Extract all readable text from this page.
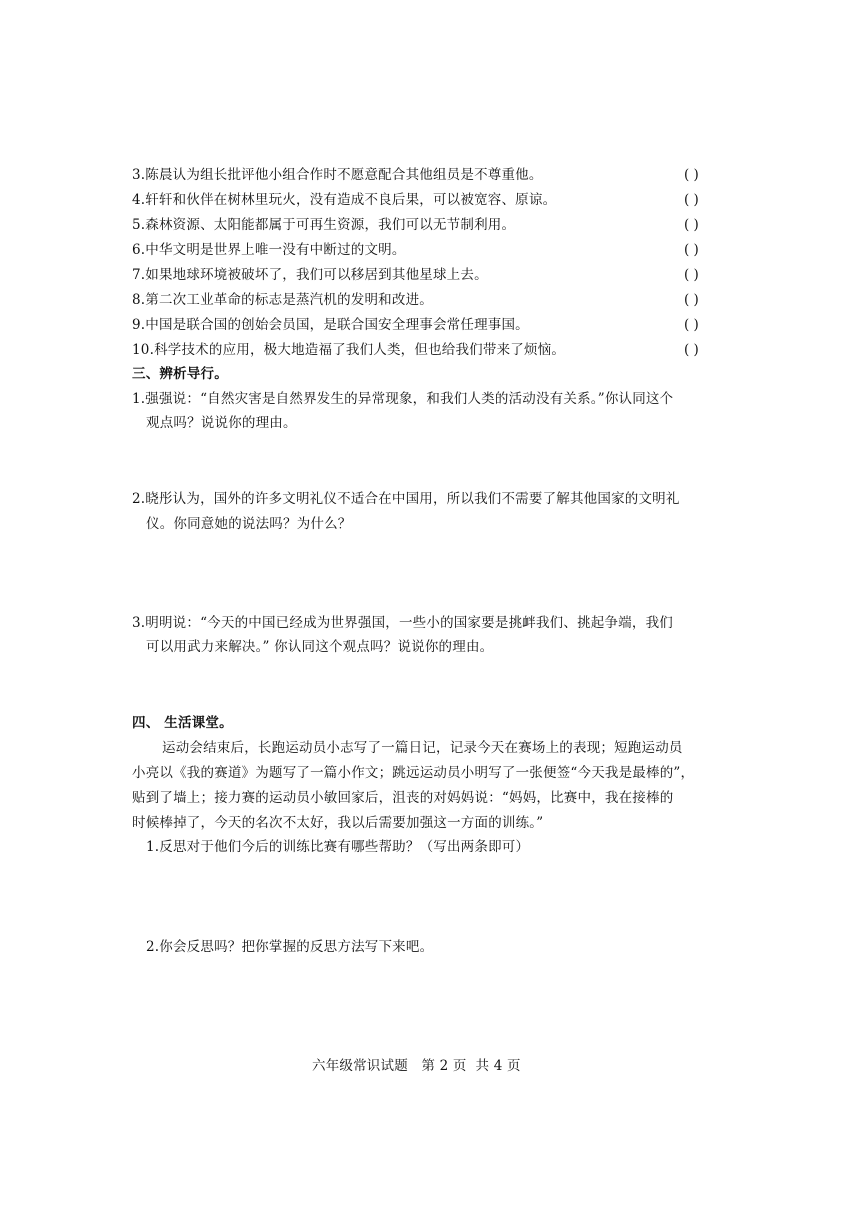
3.陈晨认为组长批评他小组合作时不愿意配合其他组员是不尊重他。	( )
4.轩轩和伙伴在树林里玩火，没有造成不良后果，可以被宽容、原谅。	( )
5.森林资源、太阳能都属于可再生资源，我们可以无节制利用。	( )
6.中华文明是世界上唯一没有中断过的文明。	( )
7.如果地球环境被破坏了，我们可以移居到其他星球上去。	( )
8.第二次工业革命的标志是蒸汽机的发明和改进。	( )
9.中国是联合国的创始会员国，是联合国安全理事会常任理事国。	( )
10.科学技术的应用，极大地造福了我们人类，但也给我们带来了烦恼。	( )
三、辨析导行。
1.强强说：“自然灾害是自然界发生的异常现象，和我们人类的活动没有关系。”你认同这个
观点吗？说说你的理由。
2.晓彤认为，国外的许多文明礼仪不适合在中国用，所以我们不需要了解其他国家的文明礼
仪。你同意她的说法吗？为什么？
3.明明说：“今天的中国已经成为世界强国，一些小的国家要是挑衅我们、挑起争端，我们
可以用武力来解决。” 你认同这个观点吗？说说你的理由。
四、 生活课堂。
运动会结束后，长跑运动员小志写了一篇日记，记录今天在赛场上的表现；短跑运动员
小亮以《我的赛道》为题写了一篇小作文；跳远运动员小明写了一张便签“今天我是最棒的”，
贴到了墙上；接力赛的运动员小敏回家后，沮丧的对妈妈说：“妈妈，比赛中，我在接棒的
时候棒掉了，今天的名次不太好，我以后需要加强这一方面的训练。”
1.反思对于他们今后的训练比赛有哪些帮助？（写出两条即可）
2.你会反思吗？把你掌握的反思方法写下来吧。
六年级常识试题   第 2 页  共 4 页
